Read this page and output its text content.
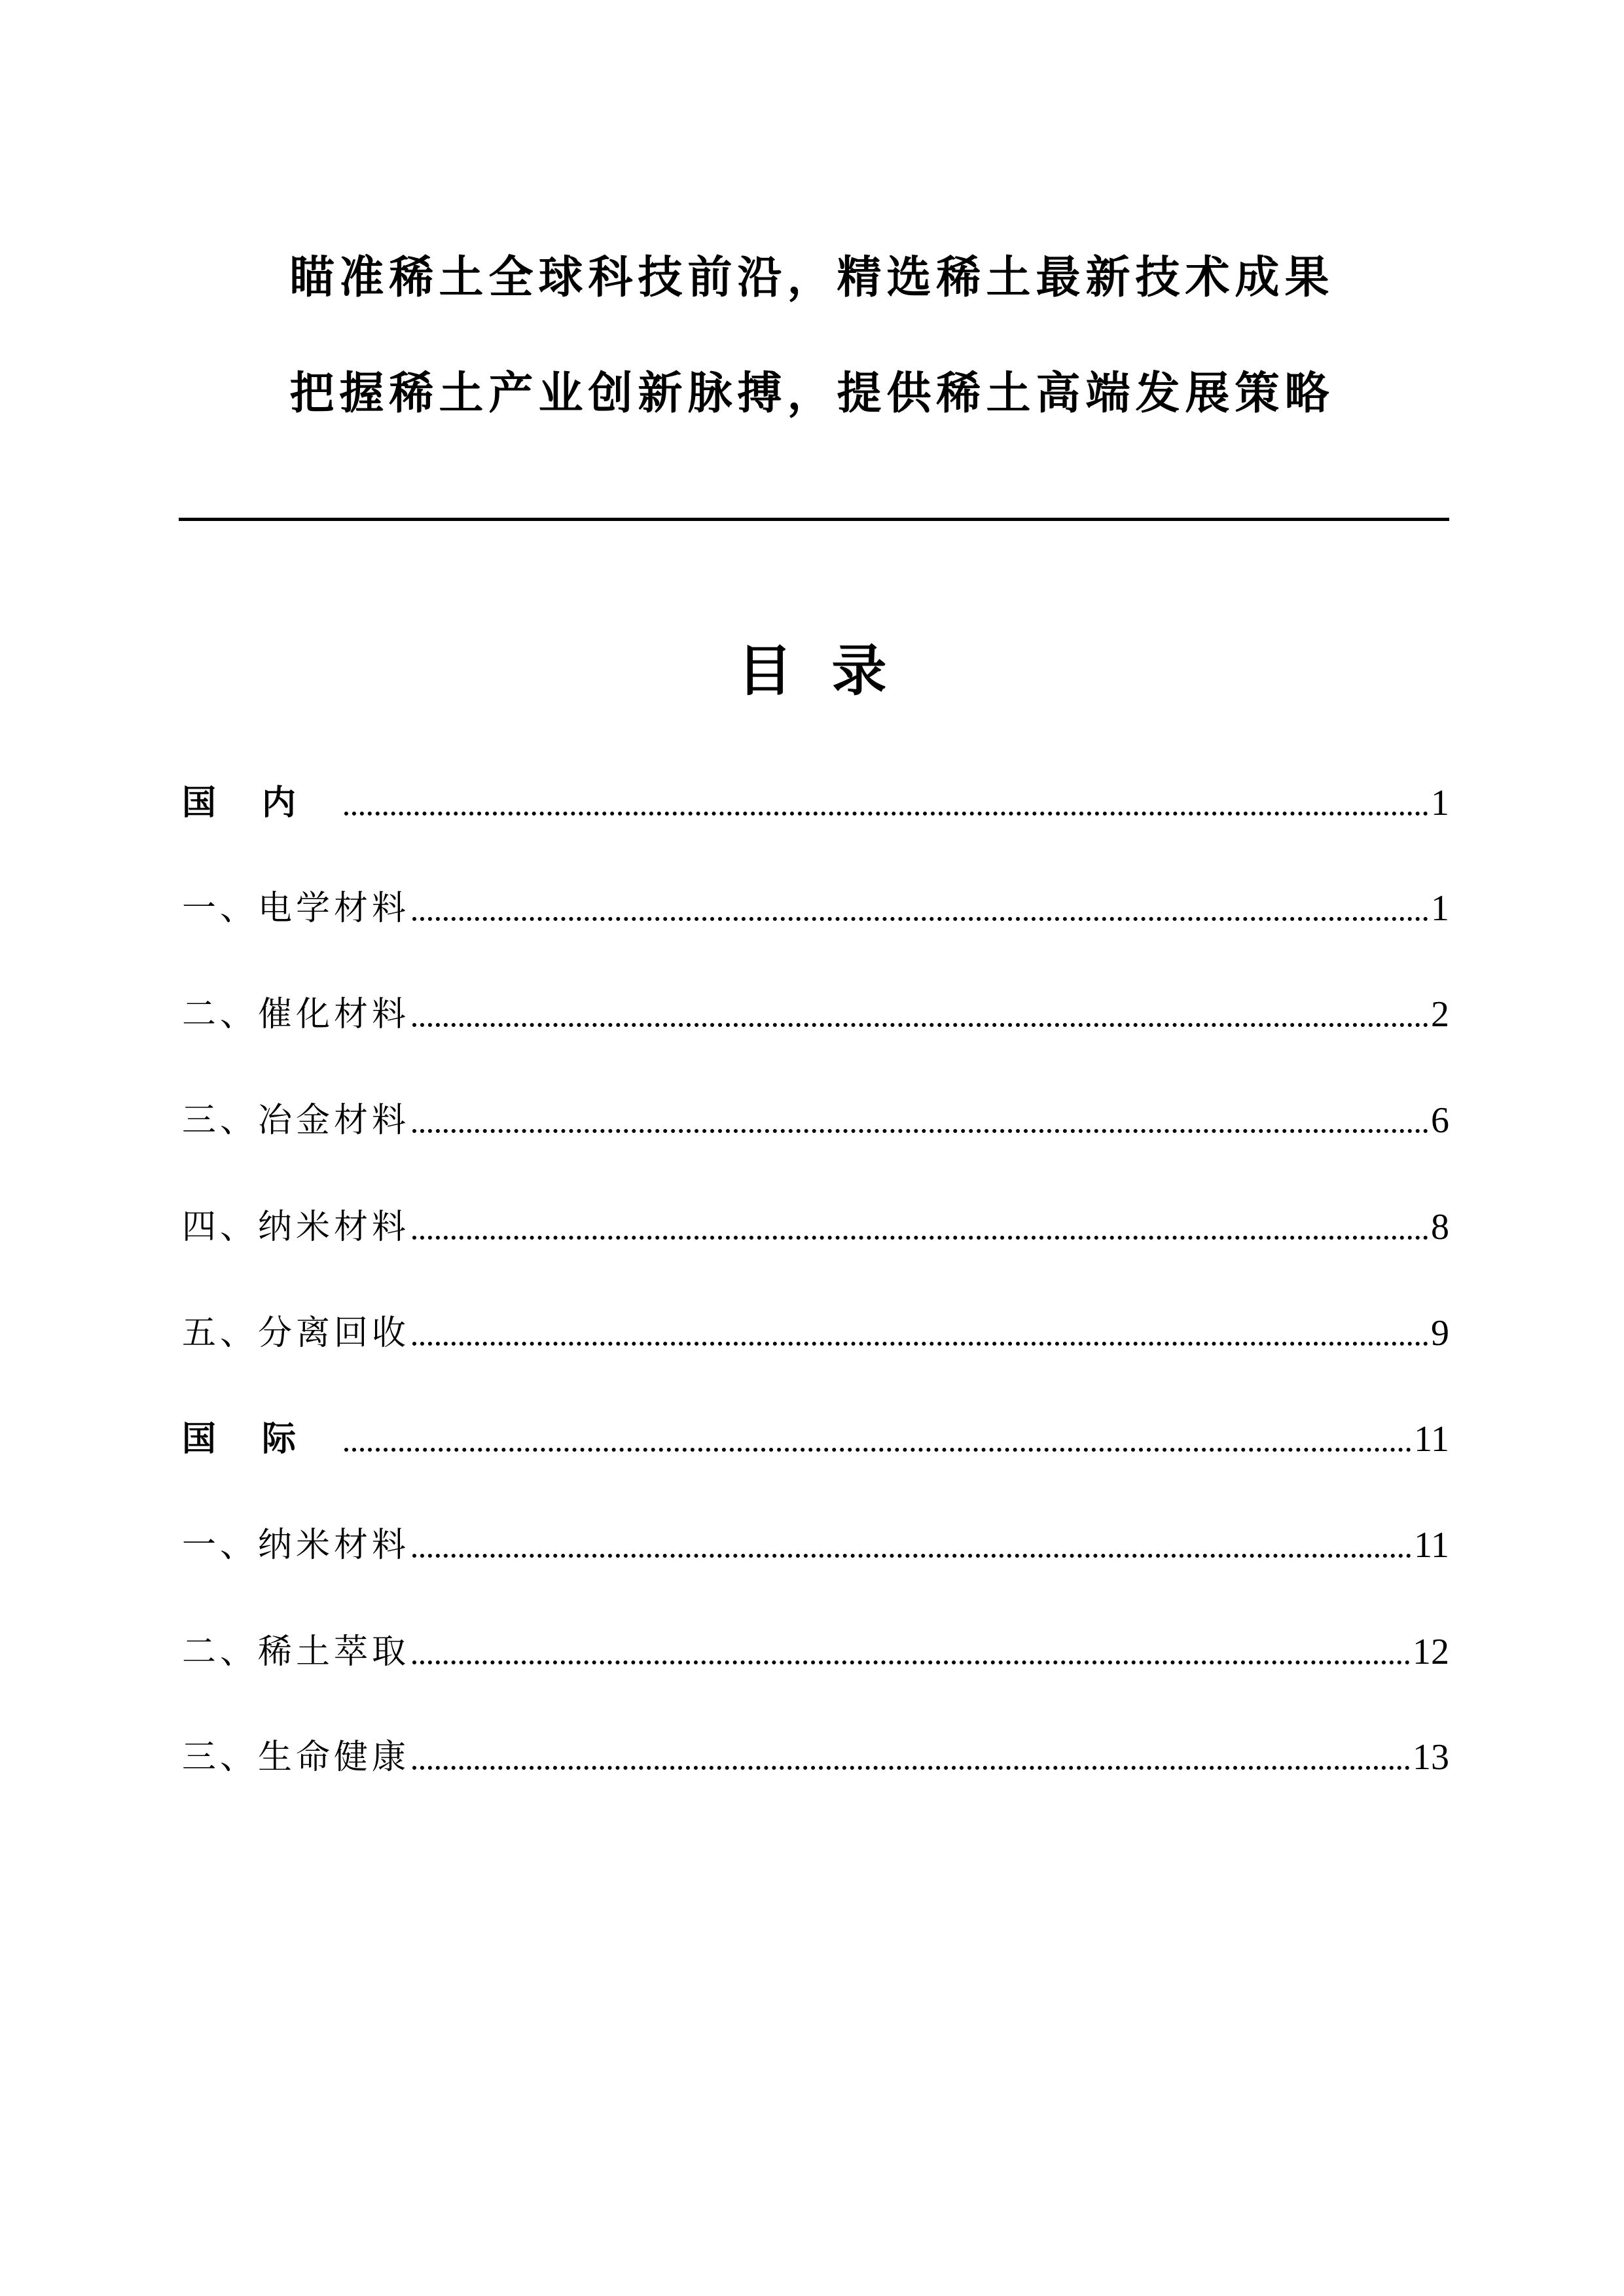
瞄准稀土全球科技前沿，精选稀土最新技术成果
把握稀土产业创新脉搏，提供稀土高端发展策略
目录
国内	1
一、电学材料	1
二、催化材料	2
三、冶金材料	6
四、纳米材料	8
五、分离回收	9
国际	11
一、纳米材料	11
二、稀土萃取	12
三、生命健康	13
